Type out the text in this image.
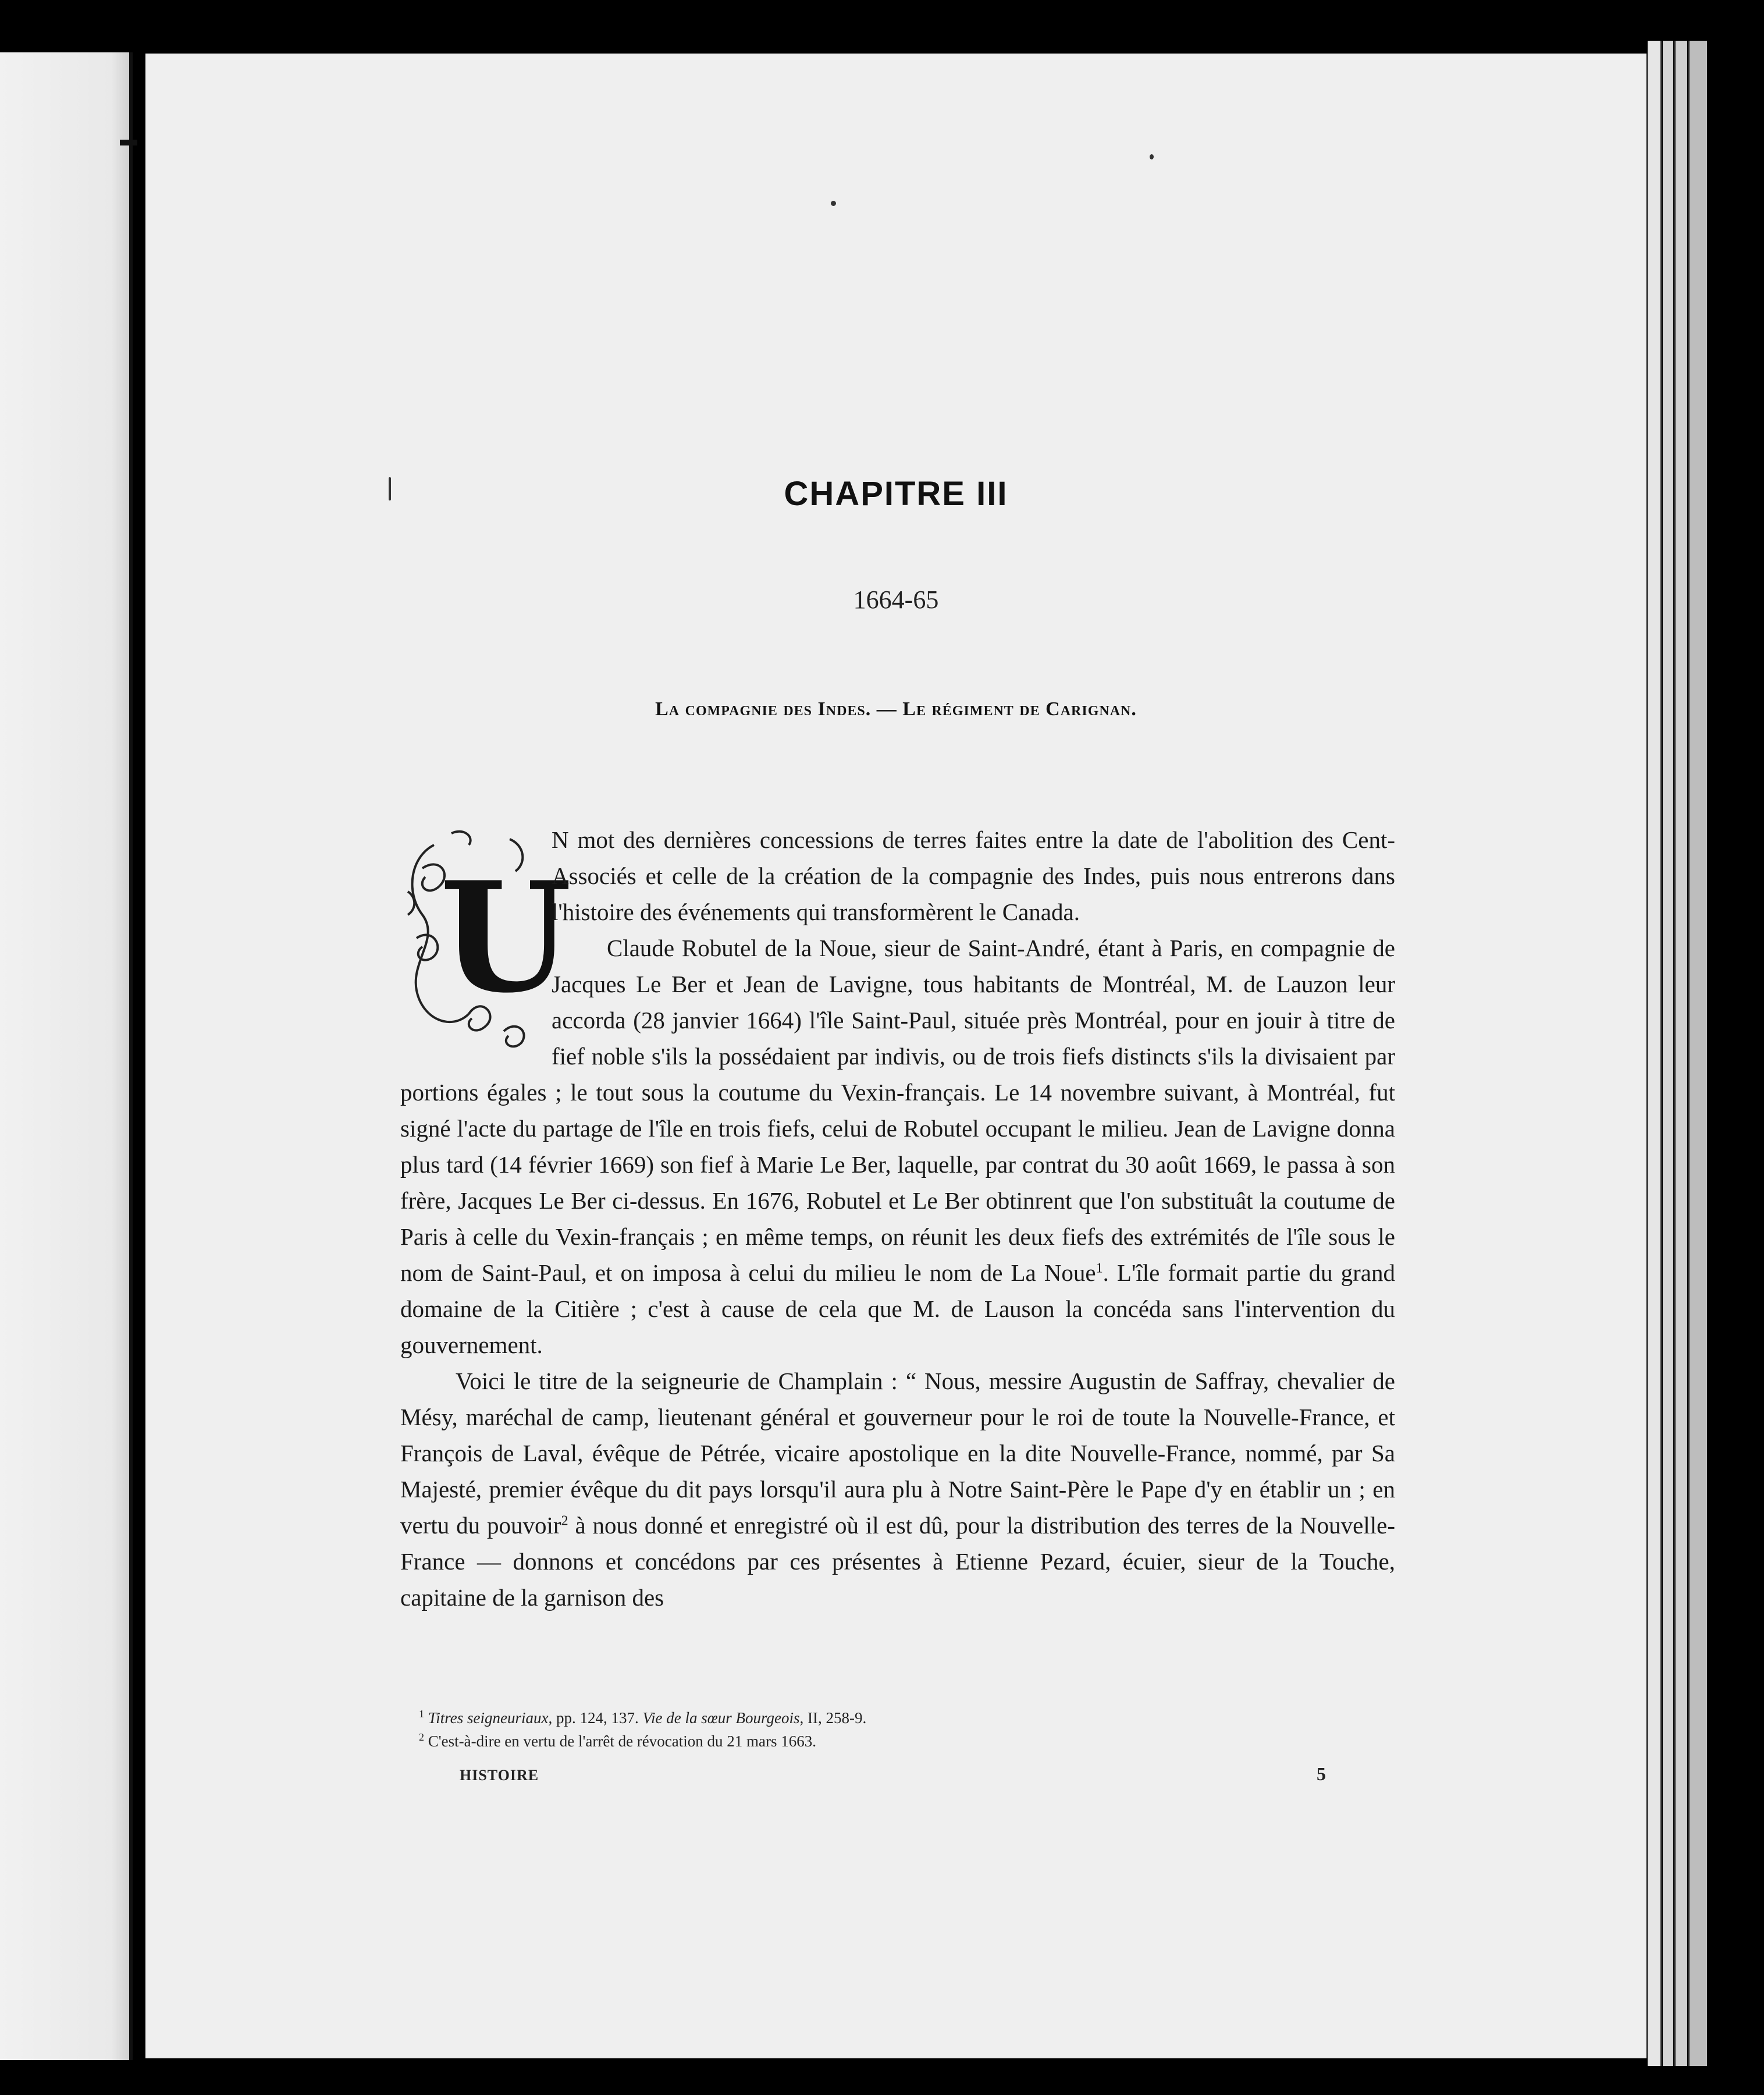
CHAPITRE III
1664-65
La compagnie des Indes. — Le régiment de Carignan.
U

N mot des dernières concessions de terres faites entre la date de l'abolition des Cent-Associés et celle de la création de la compagnie des Indes, puis nous entrerons dans l'histoire des événements qui transformèrent le Canada.

Claude Robutel de la Noue, sieur de Saint-André, étant à Paris, en compagnie de Jacques Le Ber et Jean de Lavigne, tous habitants de Montréal, M. de Lauzon leur accorda (28 janvier 1664) l'île Saint-Paul, située près Montréal, pour en jouir à titre de fief noble s'ils la possédaient par indivis, ou de trois fiefs distincts s'ils la divisaient par portions égales ; le tout sous la coutume du Vexin-français. Le 14 novembre suivant, à Montréal, fut signé l'acte du partage de l'île en trois fiefs, celui de Robutel occupant le milieu. Jean de Lavigne donna plus tard (14 février 1669) son fief à Marie Le Ber, laquelle, par contrat du 30 août 1669, le passa à son frère, Jacques Le Ber ci-dessus. En 1676, Robutel et Le Ber obtinrent que l'on substituât la coutume de Paris à celle du Vexin-français ; en même temps, on réunit les deux fiefs des extrémités de l'île sous le nom de Saint-Paul, et on imposa à celui du milieu le nom de La Noue$^1$. L'île formait partie du grand domaine de la Citière ; c'est à cause de cela que M. de Lauson la concéda sans l'intervention du gouvernement.

Voici le titre de la seigneurie de Champlain : “ Nous, messire Augustin de Saffray, chevalier de Mésy, maréchal de camp, lieutenant général et gouverneur pour le roi de toute la Nouvelle-France, et François de Laval, évêque de Pétrée, vicaire apostolique en la dite Nouvelle-France, nommé, par Sa Majesté, premier évêque du dit pays lorsqu'il aura plu à Notre Saint-Père le Pape d'y en établir un ; en vertu du pouvoir$^2$ à nous donné et enregistré où il est dû, pour la distribution des terres de la Nouvelle-France — donnons et concédons par ces présentes à Etienne Pezard, écuier, sieur de la Touche, capitaine de la garnison des

$^1$ Titres seigneuriaux, pp. 124, 137. Vie de la sœur Bourgeois, II, 258-9.

$^2$ C'est-à-dire en vertu de l'arrêt de révocation du 21 mars 1663.

HISTOIRE	5
